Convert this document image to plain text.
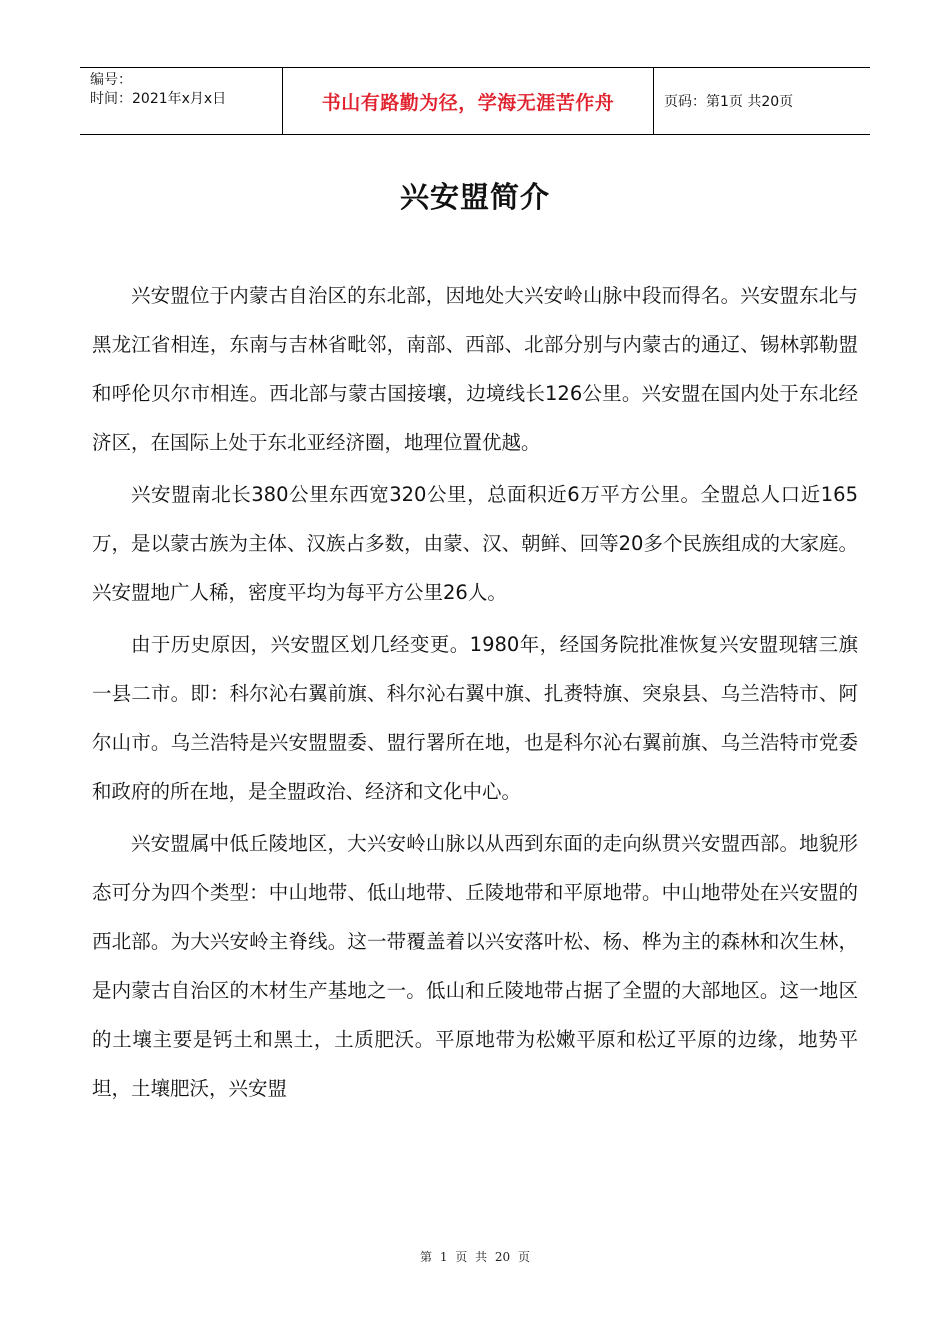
编号：
时间：2021年x月x日	书山有路勤为径，学海无涯苦作舟	页码：第1页 共20页
兴安盟简介

兴安盟位于内蒙古自治区的东北部，因地处大兴安岭山脉中段而得名。兴安盟东北与黑龙江省相连，东南与吉林省毗邻，南部、西部、北部分别与内蒙古的通辽、锡林郭勒盟和呼伦贝尔市相连。西北部与蒙古国接壤，边境线长126公里。兴安盟在国内处于东北经济区，在国际上处于东北亚经济圈，地理位置优越。

兴安盟南北长380公里东西宽320公里，总面积近6万平方公里。全盟总人口近165万，是以蒙古族为主体、汉族占多数，由蒙、汉、朝鲜、回等20多个民族组成的大家庭。兴安盟地广人稀，密度平均为每平方公里26人。

由于历史原因，兴安盟区划几经变更。1980年，经国务院批准恢复兴安盟现辖三旗一县二市。即：科尔沁右翼前旗、科尔沁右翼中旗、扎赉特旗、突泉县、乌兰浩特市、阿尔山市。乌兰浩特是兴安盟盟委、盟行署所在地，也是科尔沁右翼前旗、乌兰浩特市党委和政府的所在地，是全盟政治、经济和文化中心。

兴安盟属中低丘陵地区，大兴安岭山脉以从西到东面的走向纵贯兴安盟西部。地貌形态可分为四个类型：中山地带、低山地带、丘陵地带和平原地带。中山地带处在兴安盟的西北部。为大兴安岭主脊线。这一带覆盖着以兴安落叶松、杨、桦为主的森林和次生林，是内蒙古自治区的木材生产基地之一。低山和丘陵地带占据了全盟的大部地区。这一地区的土壤主要是钙土和黑土，土质肥沃。平原地带为松嫩平原和松辽平原的边缘，地势平坦，土壤肥沃，兴安盟

第 1 页 共 20 页
